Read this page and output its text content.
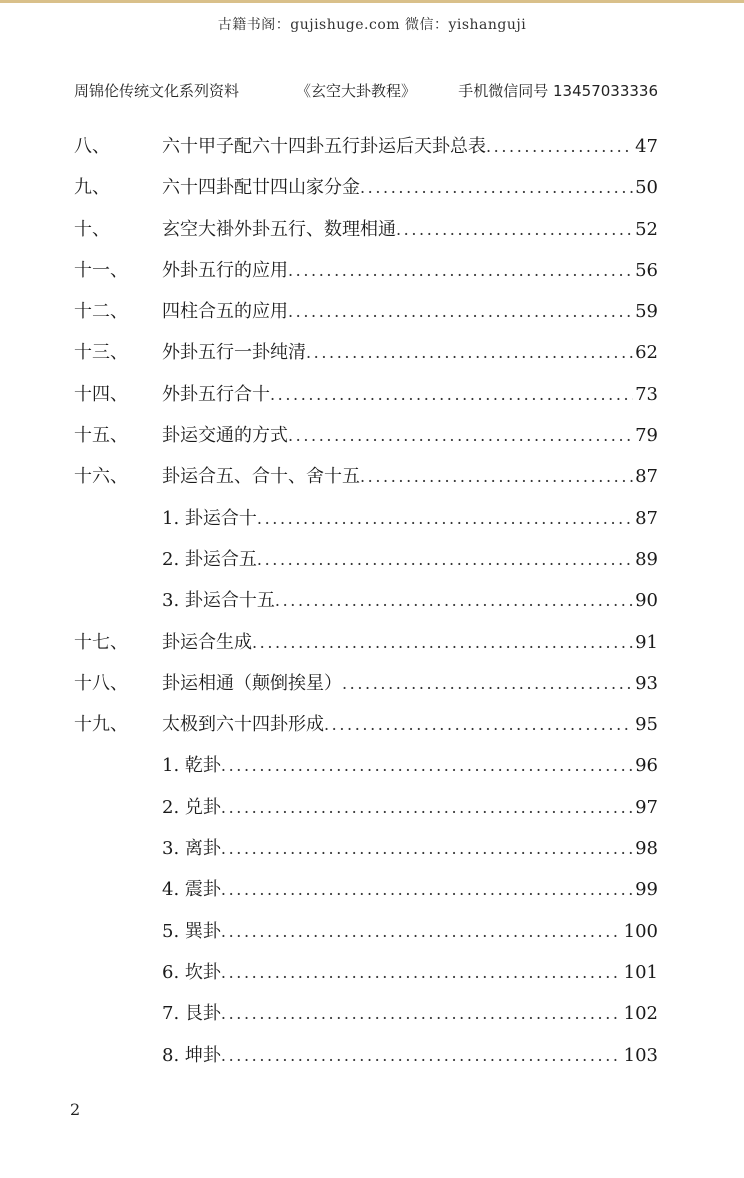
古籍书阁：gujishuge.com 微信：yishanguji
周锦伦传统文化系列资料	《玄空大卦教程》	手机微信同号 13457033336
八、	六十甲子配六十四卦五行卦运后天卦总表 .....	47
九、	六十四卦配廿四山家分金 .....	50
十、	玄空大褂外卦五行、数理相通 .....	52
十一、 外卦五行的应用 .....	56
十二、 四柱合五的应用 .....	59
十三、 外卦五行一卦纯清 .....	62
十四、 外卦五行合十 .....	73
十五、 卦运交通的方式 .....	79
十六、 卦运合五、合十、舍十五 .....	87
1. 卦运合十 .....	87
2. 卦运合五 .....	89
3. 卦运合十五 .....	90
十七、 卦运合生成 .....	91
十八、 卦运相通（颠倒挨星） .....	93
十九、 太极到六十四卦形成 .....	95
1. 乾卦 .....	96
2. 兑卦 .....	97
3. 离卦 .....	98
4. 震卦 .....	99
5. 巽卦 .....	100
6. 坎卦 .....	101
7. 艮卦 .....	102
8. 坤卦 .....	103
2
